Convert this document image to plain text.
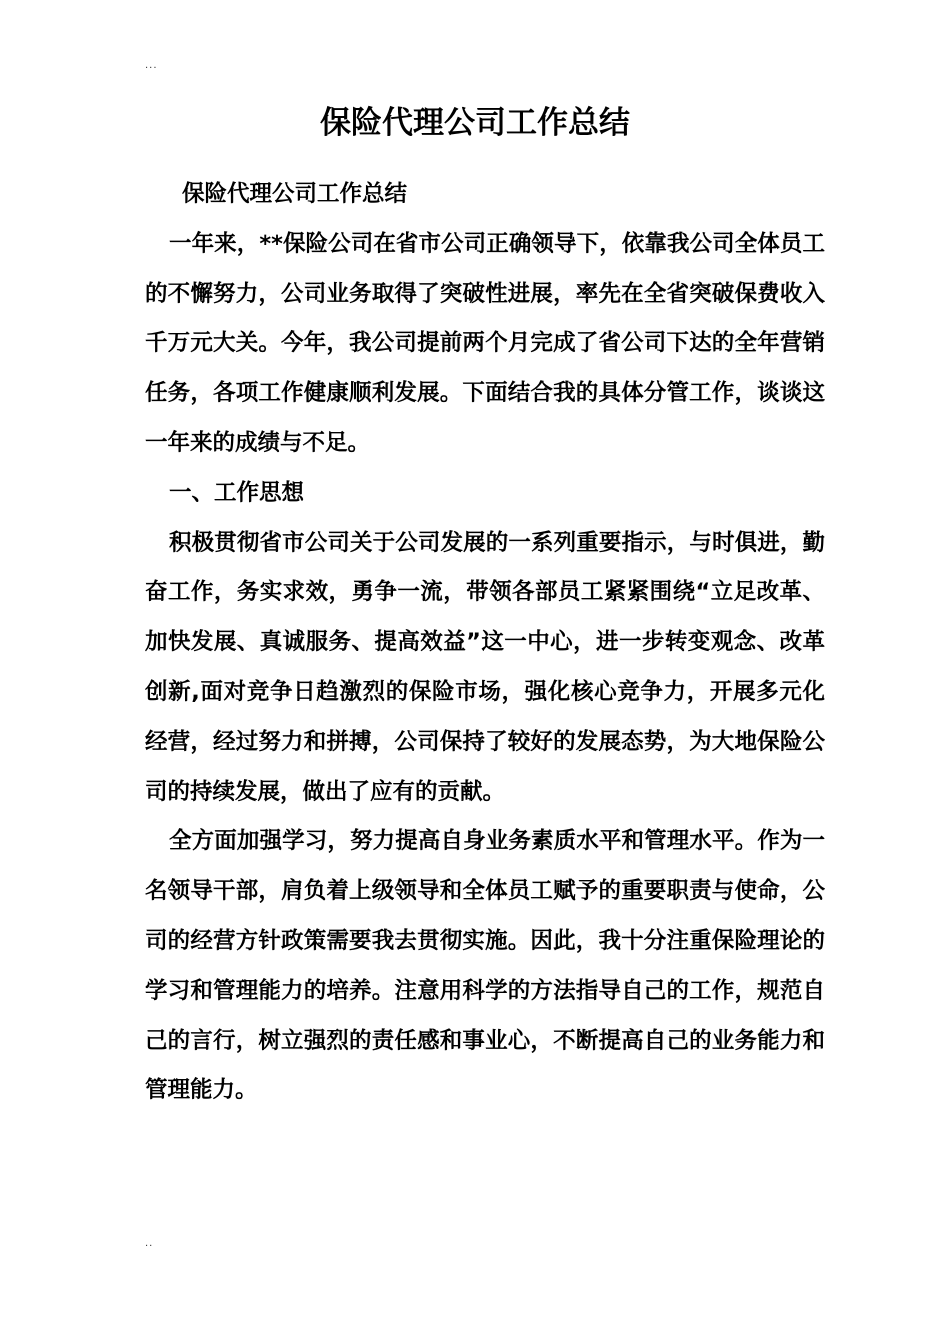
...
保险代理公司工作总结

保险代理公司工作总结

一年来，**保险公司在省市公司正确领导下，依靠我公司全体员工的不懈努力，公司业务取得了突破性进展，率先在全省突破保费收入千万元大关。今年，我公司提前两个月完成了省公司下达的全年营销任务，各项工作健康顺利发展。下面结合我的具体分管工作，谈谈这一年来的成绩与不足。

一、工作思想

积极贯彻省市公司关于公司发展的一系列重要指示，与时俱进，勤奋工作，务实求效，勇争一流，带领各部员工紧紧围绕“立足改革、加快发展、真诚服务、提高效益”这一中心，进一步转变观念、改革创新,面对竞争日趋激烈的保险市场，强化核心竞争力，开展多元化经营，经过努力和拼搏，公司保持了较好的发展态势，为大地保险公司的持续发展，做出了应有的贡献。

全方面加强学习，努力提高自身业务素质水平和管理水平。作为一名领导干部，肩负着上级领导和全体员工赋予的重要职责与使命，公司的经营方针政策需要我去贯彻实施。因此，我十分注重保险理论的学习和管理能力的培养。注意用科学的方法指导自己的工作，规范自己的言行，树立强烈的责任感和事业心，不断提高自己的业务能力和管理能力。

..
